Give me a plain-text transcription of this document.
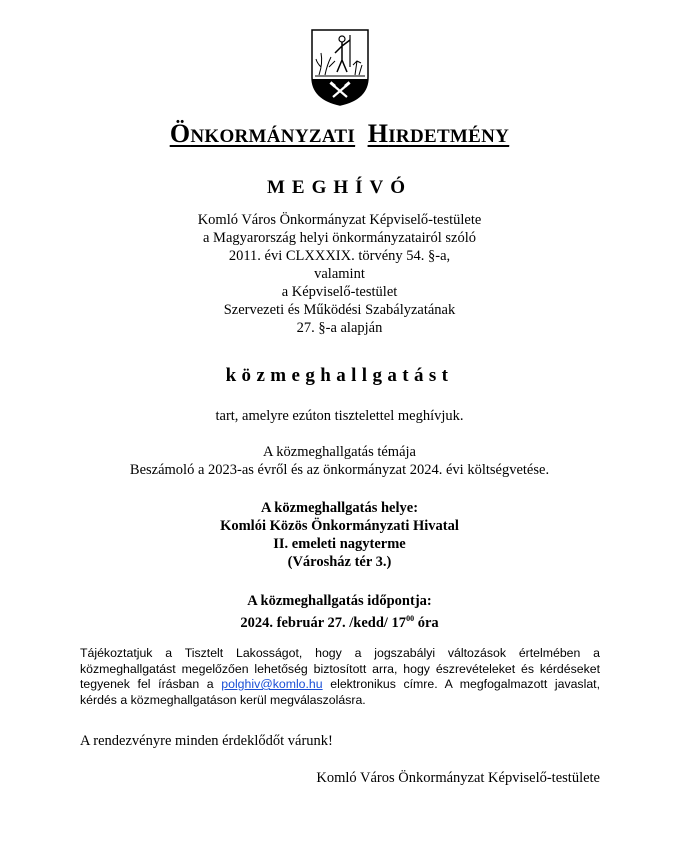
ÖNKORMÁNYZATI HIRDETMÉNY
MEGHÍVÓ
Komló Város Önkormányzat Képviselő-testülete
a Magyarország helyi önkormányzatairól szóló
2011. évi CLXXXIX. törvény 54. §-a,
valamint
a Képviselő-testület
Szervezeti és Működési Szabályzatának
27. §-a alapján
közmeghallgatást
tart, amelyre ezúton tisztelettel meghívjuk.
A közmeghallgatás témája
Beszámoló a 2023-as évről és az önkormányzat 2024. évi költségvetése.
A közmeghallgatás helye:
Komlói Közös Önkormányzati Hivatal
II. emeleti nagyterme
(Városház tér 3.)
A közmeghallgatás időpontja:
2024. február 27. /kedd/ $17^{00}$ óra
Tájékoztatjuk a Tisztelt Lakosságot, hogy a jogszabályi változások értelmében a közmeghallgatást megelőzően lehetőség biztosított arra, hogy észrevételeket és kérdéseket tegyenek fel írásban a polghiv@komlo.hu elektronikus címre. A megfogalmazott javaslat, kérdés a közmeghallgatáson kerül megválaszolásra.
A rendezvényre minden érdeklődőt várunk!
Komló Város Önkormányzat Képviselő-testülete
